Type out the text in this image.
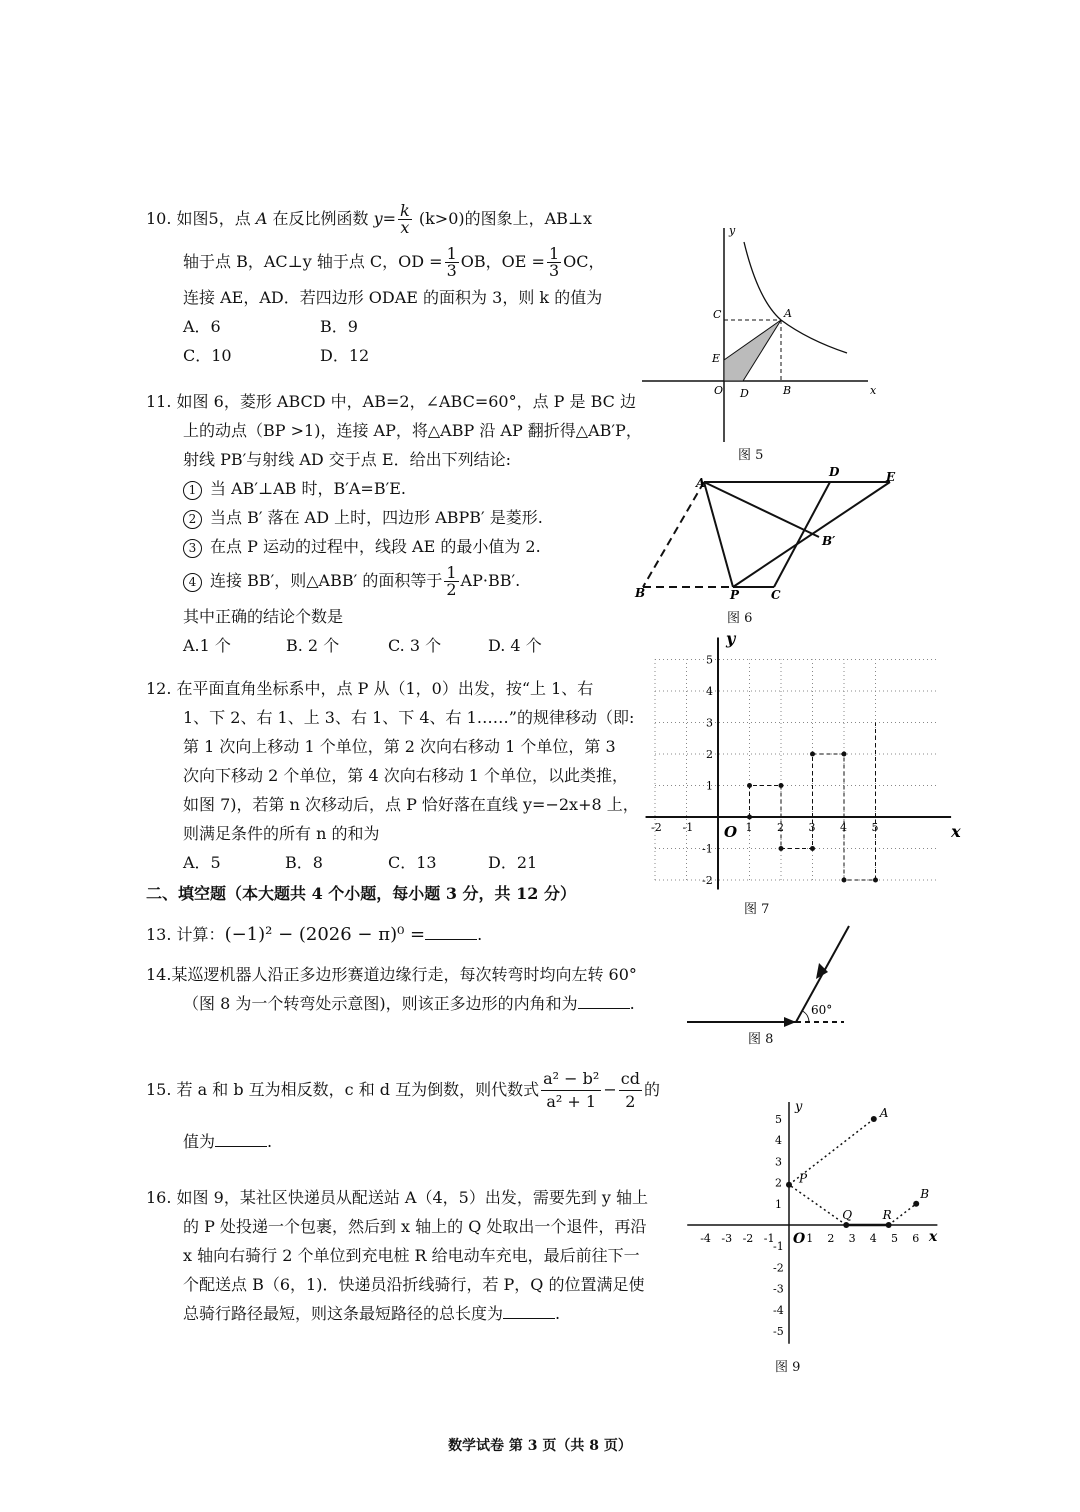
10. 如图5，点 A 在反比例函数 $y= \frac{k}{x} (k>0)$的图象上，AB⊥x
轴于点 B，AC⊥y 轴于点 C，OD = $\frac{1}{3}$ OB，OE = $\frac{1}{3}$ OC，
连接 AE，AD．若四边形 ODAE 的面积为 3，则 k 的值为
A．6	B．9
C．10	D．12
11. 如图 6，菱形 ABCD 中，AB=2，∠ABC=60°，点 P 是 BC 边
上的动点（BP >1)，连接 AP，将△ABP 沿 AP 翻折得△AB′P，
射线 PB′与射线 AD 交于点 E．给出下列结论:
1 当 AB′⊥AB 时，B′A=B′E.
2 当点 B′ 落在 AD 上时，四边形 ABPB′ 是菱形.
3 在点 P 运动的过程中，线段 AE 的最小值为 2.
4 连接 BB′，则△ABB′ 的面积等于 $\frac{1}{2} AP\cdot BB'$.
其中正确的结论个数是
A.1 个	B. 2 个	C. 3 个	D. 4 个
12. 在平面直角坐标系中，点 P 从（1，0）出发，按“上 1、右
1、下 2、右 1、上 3、右 1、下 4、右 1……”的规律移动（即:
第 1 次向上移动 1 个单位，第 2 次向右移动 1 个单位，第 3
次向下移动 2 个单位，第 4 次向右移动 1 个单位，以此类推，
如图 7)，若第 n 次移动后，点 P 恰好落在直线 y=−2x+8 上，
则满足条件的所有 n 的和为
A．5	B．8	C．13	D．21
二、填空题（本大题共 4 个小题，每小题 3 分，共 12 分）
13. 计算：(−1)² − (2026 − π)⁰ =	.
14.某巡逻机器人沿正多边形赛道边缘行走，每次转弯时均向左转 60°
（图 8 为一个转弯处示意图)，则该正多边形的内角和为	.
15. 若 a 和 b 互为相反数，c 和 d 互为倒数，则代数式 $\frac{\text{a² − b²}}{\text{a² + 1}} - \frac{cd}{2}$ 的
值为	.
16. 如图 9，某社区快递员从配送站 A（4，5）出发，需要先到 y 轴上
的 P 处投递一个包裹，然后到 x 轴上的 Q 处取出一个退件，再沿
x 轴向右骑行 2 个单位到充电桩 R 给电动车充电，最后前往下一
个配送点 B（6，1)．快递员沿折线骑行，若 P，Q 的位置满足使
总骑行路径最短，则这条最短路径的总长度为	.
y
x
C	A
E
O D	B
图 5
A
D	E
B′
B	P	C
图 6
y
x
O
-2 -1	1 2 3 4 5
5
4
3
2
1
-1
-2
图 7
60°
图 8
y
x
O
-4 -3 -2 -1	1 2 3 4 5 6
5
4
3
2
1
-1
-2
-3
-4
-5
A
P
Q	R
B
图 9
数学试卷 第 3 页（共 8 页）
